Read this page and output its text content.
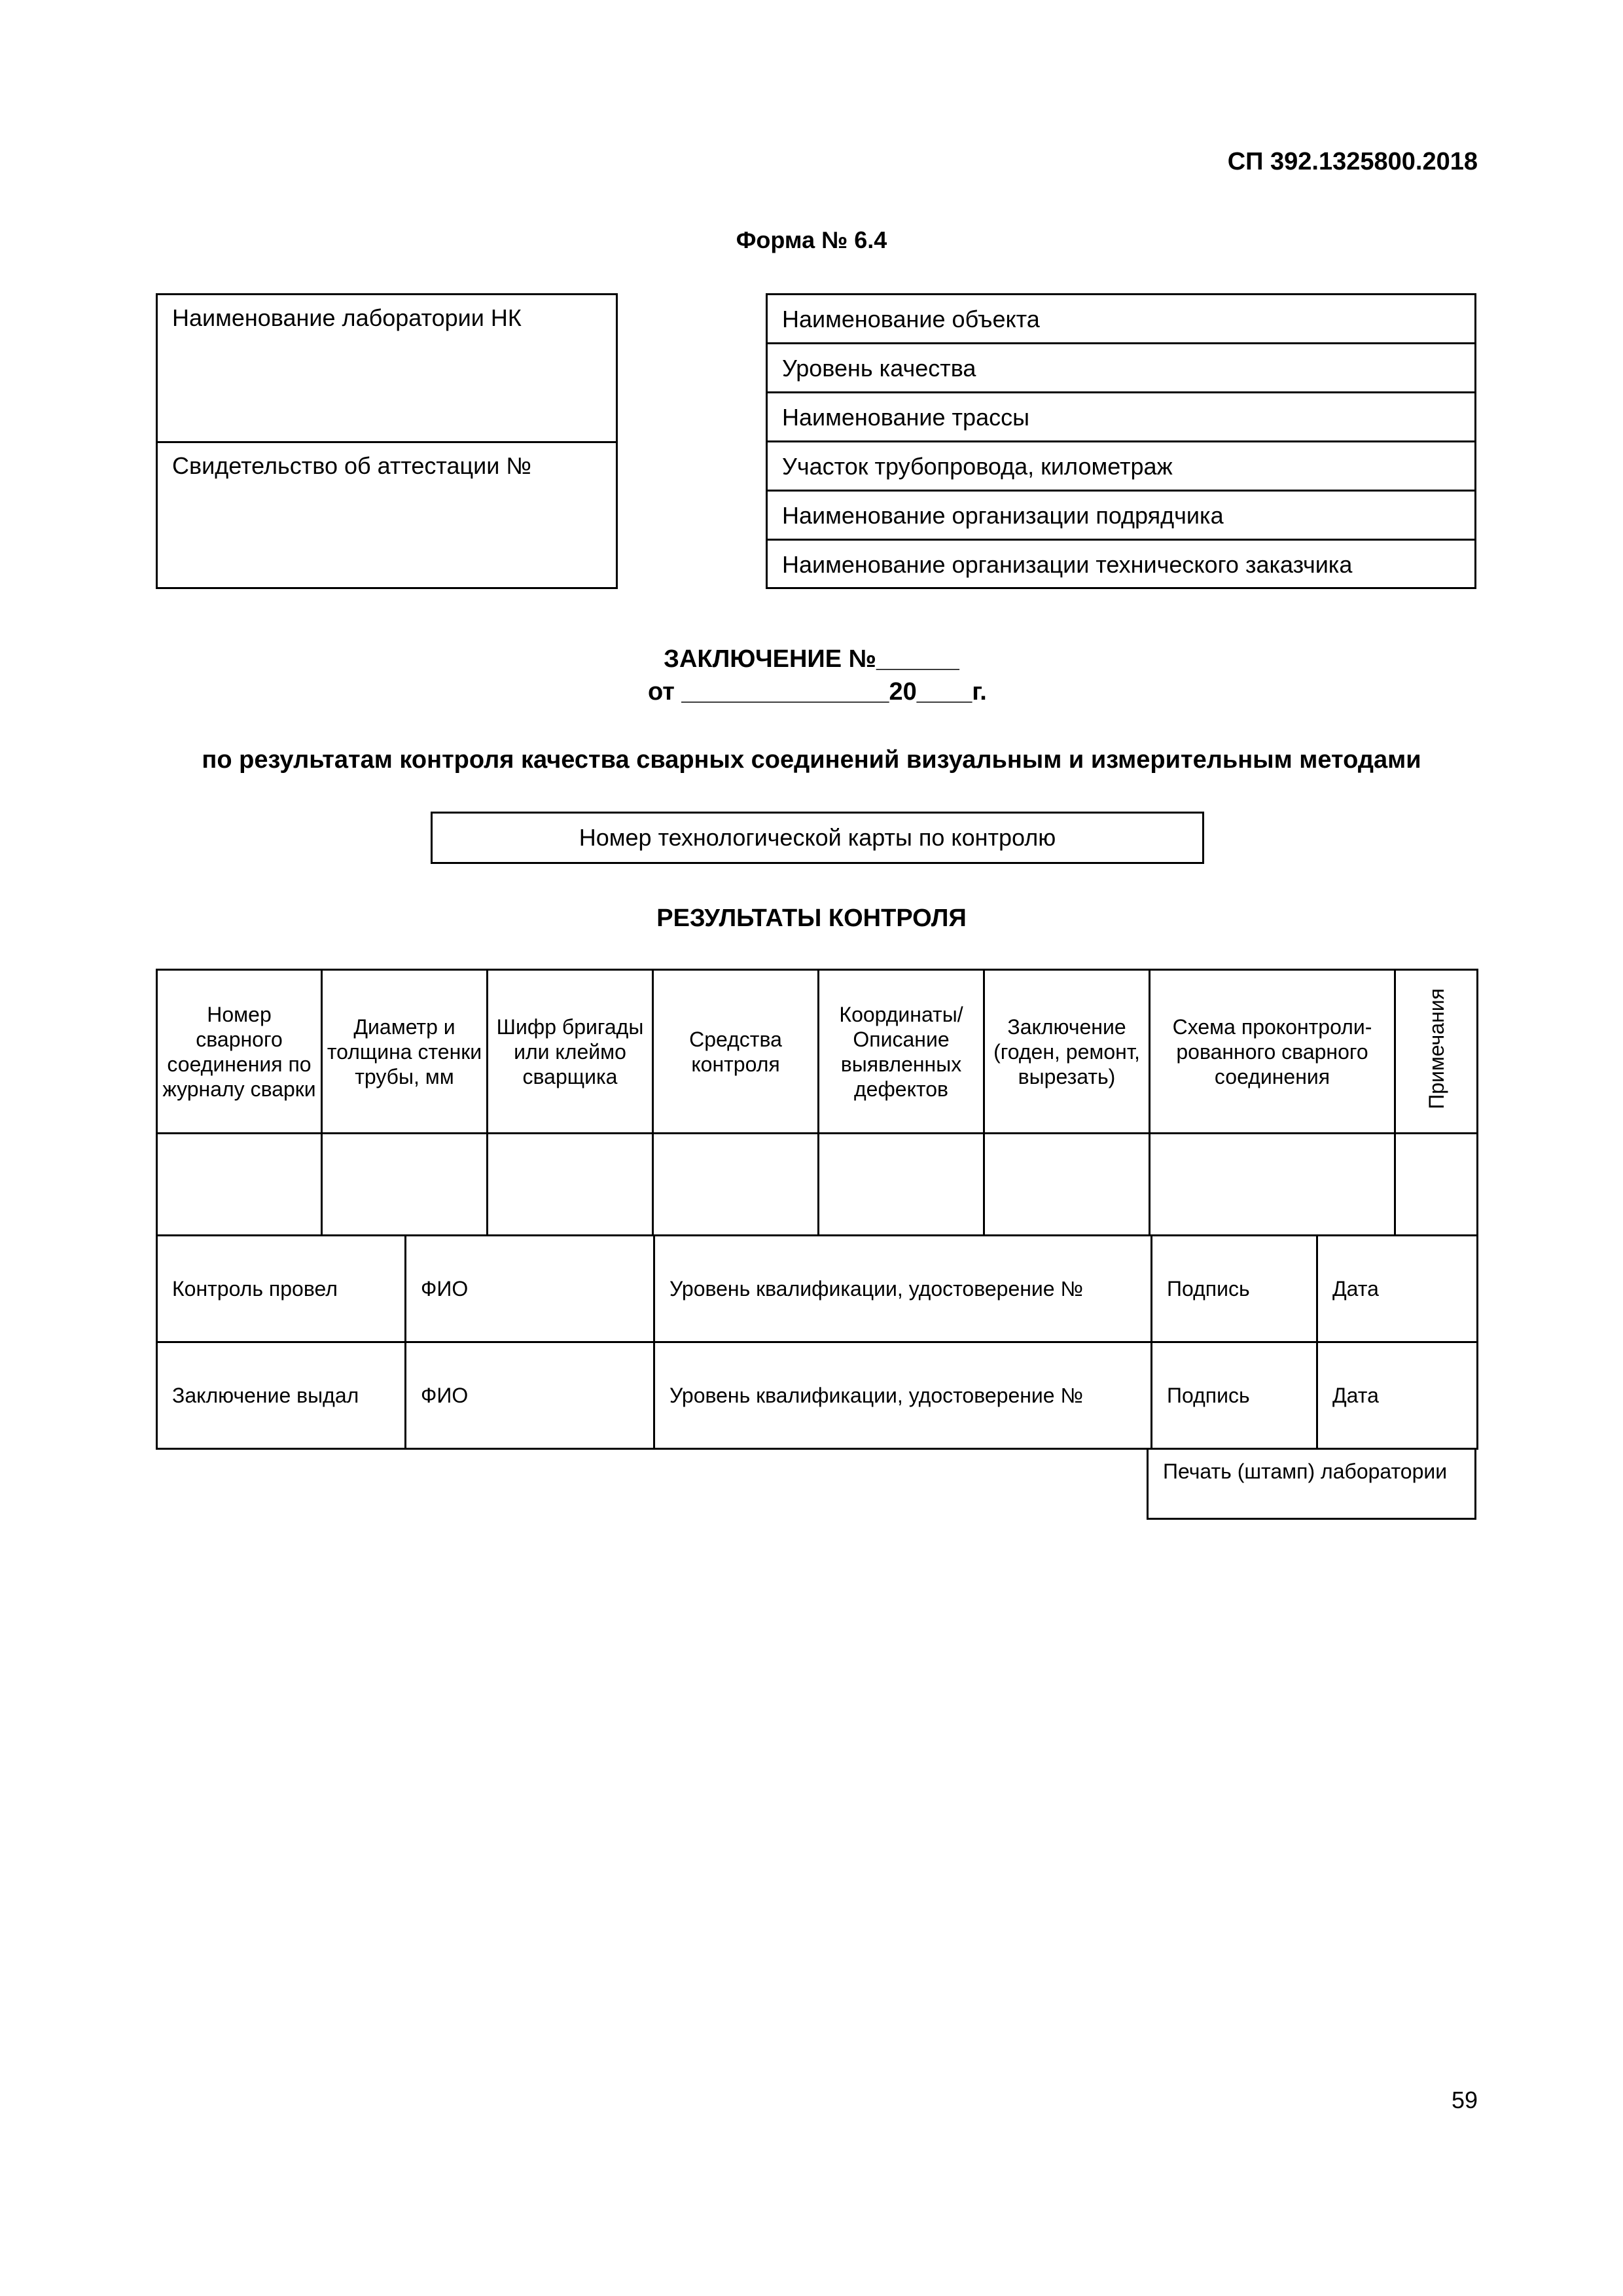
СП 392.1325800.2018
Форма № 6.4
Наименование лаборатории НК
Свидетельство об аттестации №
Наименование объекта
Уровень качества
Наименование трассы
Участок трубопровода, километраж
Наименование организации подрядчика
Наименование организации технического заказчика
ЗАКЛЮЧЕНИЕ №______
от _______________20____г.
по результатам контроля качества сварных соединений визуальным и измерительным методами
Номер технологической карты по контролю
РЕЗУЛЬТАТЫ КОНТРОЛЯ
Номер сварного соединения по журналу сварки	Диаметр и толщина стенки трубы, мм	Шифр бригады или клеймо сварщика	Средства контроля	Координаты/ Описание выявленных дефектов	Заключение (годен, ремонт, вырезать)	Схема проконтроли-рованного сварного соединения	Примечания

Контроль провел	ФИО	Уровень квалификации, удостоверение №	Подпись	Дата
Заключение выдал	ФИО	Уровень квалификации, удостоверение №	Подпись	Дата
Печать (штамп) лаборатории
59
